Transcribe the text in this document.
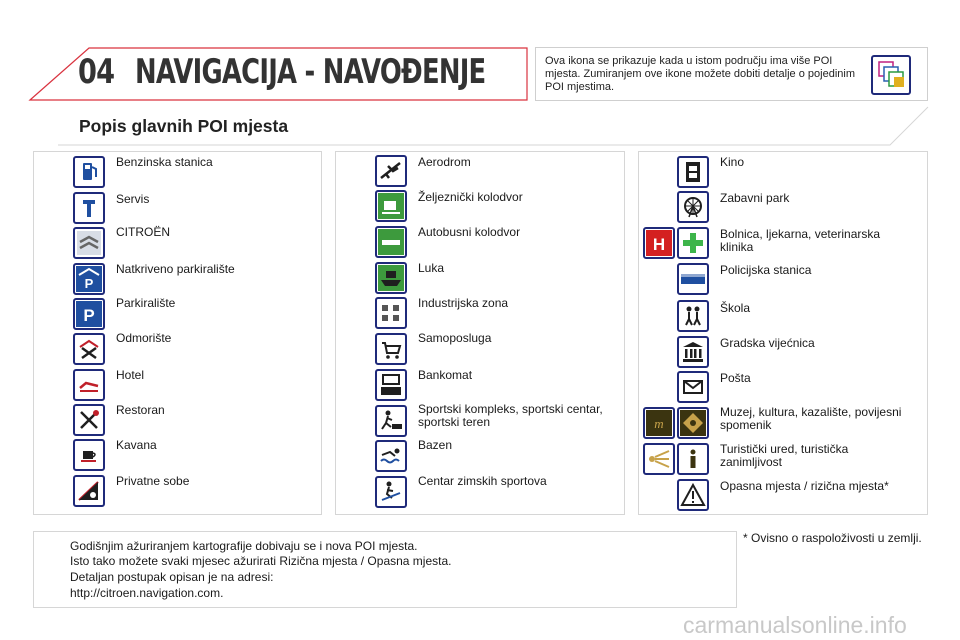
04 NAVIGACIJA - NAVOĐENJE	Ova ikona se prikazuje kada u istom području ima više POI mjesta. Zumiranjem ove ikone možete dobiti detalje o pojedinim POI mjestima.
Popis glavnih POI mjesta
Benzinska stanica
Servis
CITROËN
P
Natkriveno parkiralište
P
Parkiralište
Odmorište
Hotel
Restoran
Kavana
Privatne sobe
Aerodrom
Željeznički kolodvor
Autobusni kolodvor
Luka
Industrijska zona
Samoposluga
Bankomat
Sportski kompleks, sportski centar, sportski teren
Bazen
Centar zimskih sportova
Kino
Zabavni park
H
Bolnica, ljekarna, veterinarska klinika
Policijska stanica
Škola
Gradska vijećnica
Pošta
m
Muzej, kultura, kazalište, povijesni spomenik
Turistički ured, turistička zanimljivost
Opasna mjesta / rizična mjesta*
Godišnjim ažuriranjem kartografije dobivaju se i nova POI mjesta.
Isto tako možete svaki mjesec ažurirati Rizična mjesta / Opasna mjesta.
Detaljan postupak opisan je na adresi:
http://citroen.navigation.com.
* Ovisno o raspoloživosti u zemlji.
carmanualsonline.info
